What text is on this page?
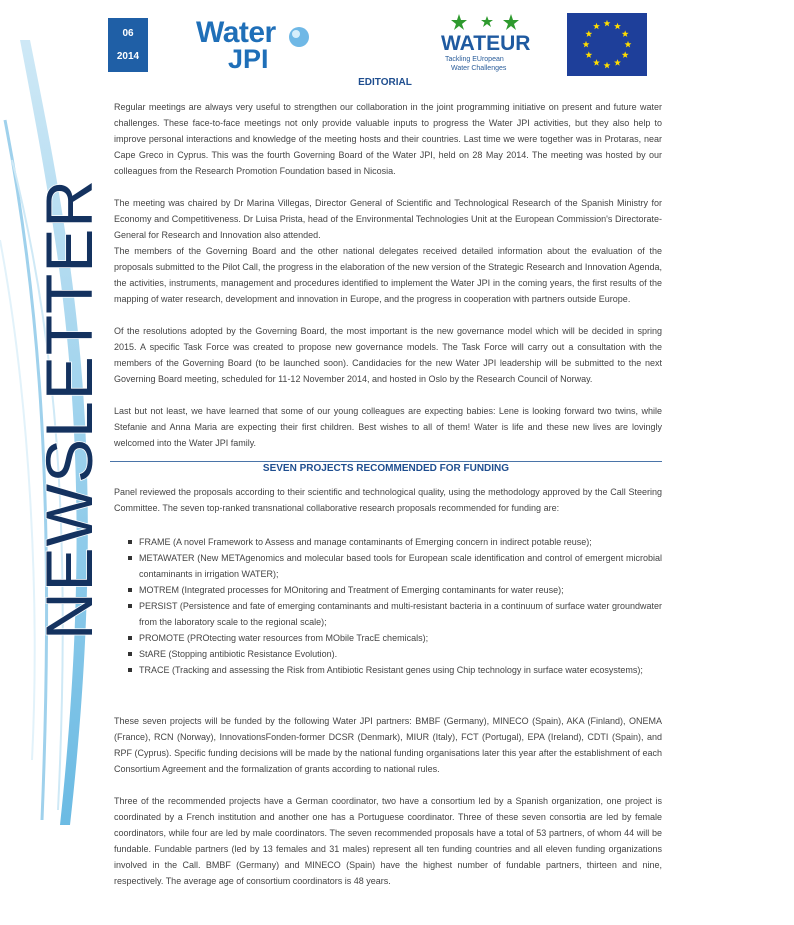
NEWSLETTER
06
2014
Water
JPI
WATEUR
Tackling EUropean
Water Challenges
EDITORIAL

Regular meetings are always very useful to strengthen our collaboration in the joint programming initiative on present and future water challenges. These face-to-face meetings not only provide valuable inputs to progress the Water JPI activities, but they also help to improve personal interactions and knowledge of the meeting hosts and their countries. Last time we were together was in Protaras, near Cape Greco in Cyprus. This was the fourth Governing Board of the Water JPI, held on 28 May 2014. The meeting was hosted by our colleagues from the Research Promotion Foundation based in Nicosia.

The meeting was chaired by Dr Marina Villegas, Director General of Scientific and Technological Research of the Spanish Ministry for Economy and Competitiveness. Dr Luisa Prista, head of the Environmental Technologies Unit at the European Commission's Directorate-General for Research and Innovation also attended.

The members of the Governing Board and the other national delegates received detailed information about the evaluation of the proposals submitted to the Pilot Call, the progress in the elaboration of the new version of the Strategic Research and Innovation Agenda, the activities, instruments, management and procedures identified to implement the Water JPI in the coming years, the first results of the mapping of water research, development and innovation in Europe, and the progress in cooperation with partners outside Europe.

Of the resolutions adopted by the Governing Board, the most important is the new governance model which will be decided in spring 2015. A specific Task Force was created to propose new governance models. The Task Force will carry out a consultation with the members of the Governing Board (to be launched soon). Candidacies for the new Water JPI leadership will be submitted to the next Governing Board meeting, scheduled for 11-12 November 2014, and hosted in Oslo by the Research Council of Norway.

Last but not least, we have learned that some of our young colleagues are expecting babies: Lene is looking forward two twins, while Stefanie and Anna Maria are expecting their first children. Best wishes to all of them! Water is life and these new lives are lovingly welcomed into the Water JPI family.

SEVEN PROJECTS RECOMMENDED FOR FUNDING

Panel reviewed the proposals according to their scientific and technological quality, using the methodology approved by the Call Steering Committee. The seven top-ranked transnational collaborative research proposals recommended for funding are:

FRAME (A novel Framework to Assess and manage contaminants of Emerging concern in indirect potable reuse);
METAWATER (New METAgenomics and molecular based tools for European scale identification and control of emergent microbial contaminants in irrigation WATER);
MOTREM (Integrated processes for MOnitoring and Treatment of Emerging contaminants for water reuse);
PERSIST (Persistence and fate of emerging contaminants and multi-resistant bacteria in a continuum of surface water groundwater from the laboratory scale to the regional scale);
PROMOTE (PROtecting water resources from MObile TracE chemicals);
StARE (Stopping antibiotic Resistance Evolution).
TRACE (Tracking and assessing the Risk from Antibiotic Resistant genes using Chip technology in surface water ecosystems);

These seven projects will be funded by the following Water JPI partners: BMBF (Germany), MINECO (Spain), AKA (Finland), ONEMA (France), RCN (Norway), InnovationsFonden-former DCSR (Denmark), MIUR (Italy), FCT (Portugal), EPA (Ireland), CDTI (Spain), and RPF (Cyprus). Specific funding decisions will be made by the national funding organisations later this year after the establishment of each Consortium Agreement and the formalization of grants according to national rules.

Three of the recommended projects have a German coordinator, two have a consortium led by a Spanish organization, one project is coordinated by a French institution and another one has a Portuguese coordinator. Three of these seven consortia are led by female coordinators, while four are led by male coordinators. The seven recommended proposals have a total of 53 partners, of whom 44 will be fundable. Fundable partners (led by 13 females and 31 males) represent all ten funding countries and all eleven funding organizations involved in the Call. BMBF (Germany) and MINECO (Spain) have the highest number of fundable partners, thirteen and nine, respectively. The average age of consortium coordinators is 48 years.
